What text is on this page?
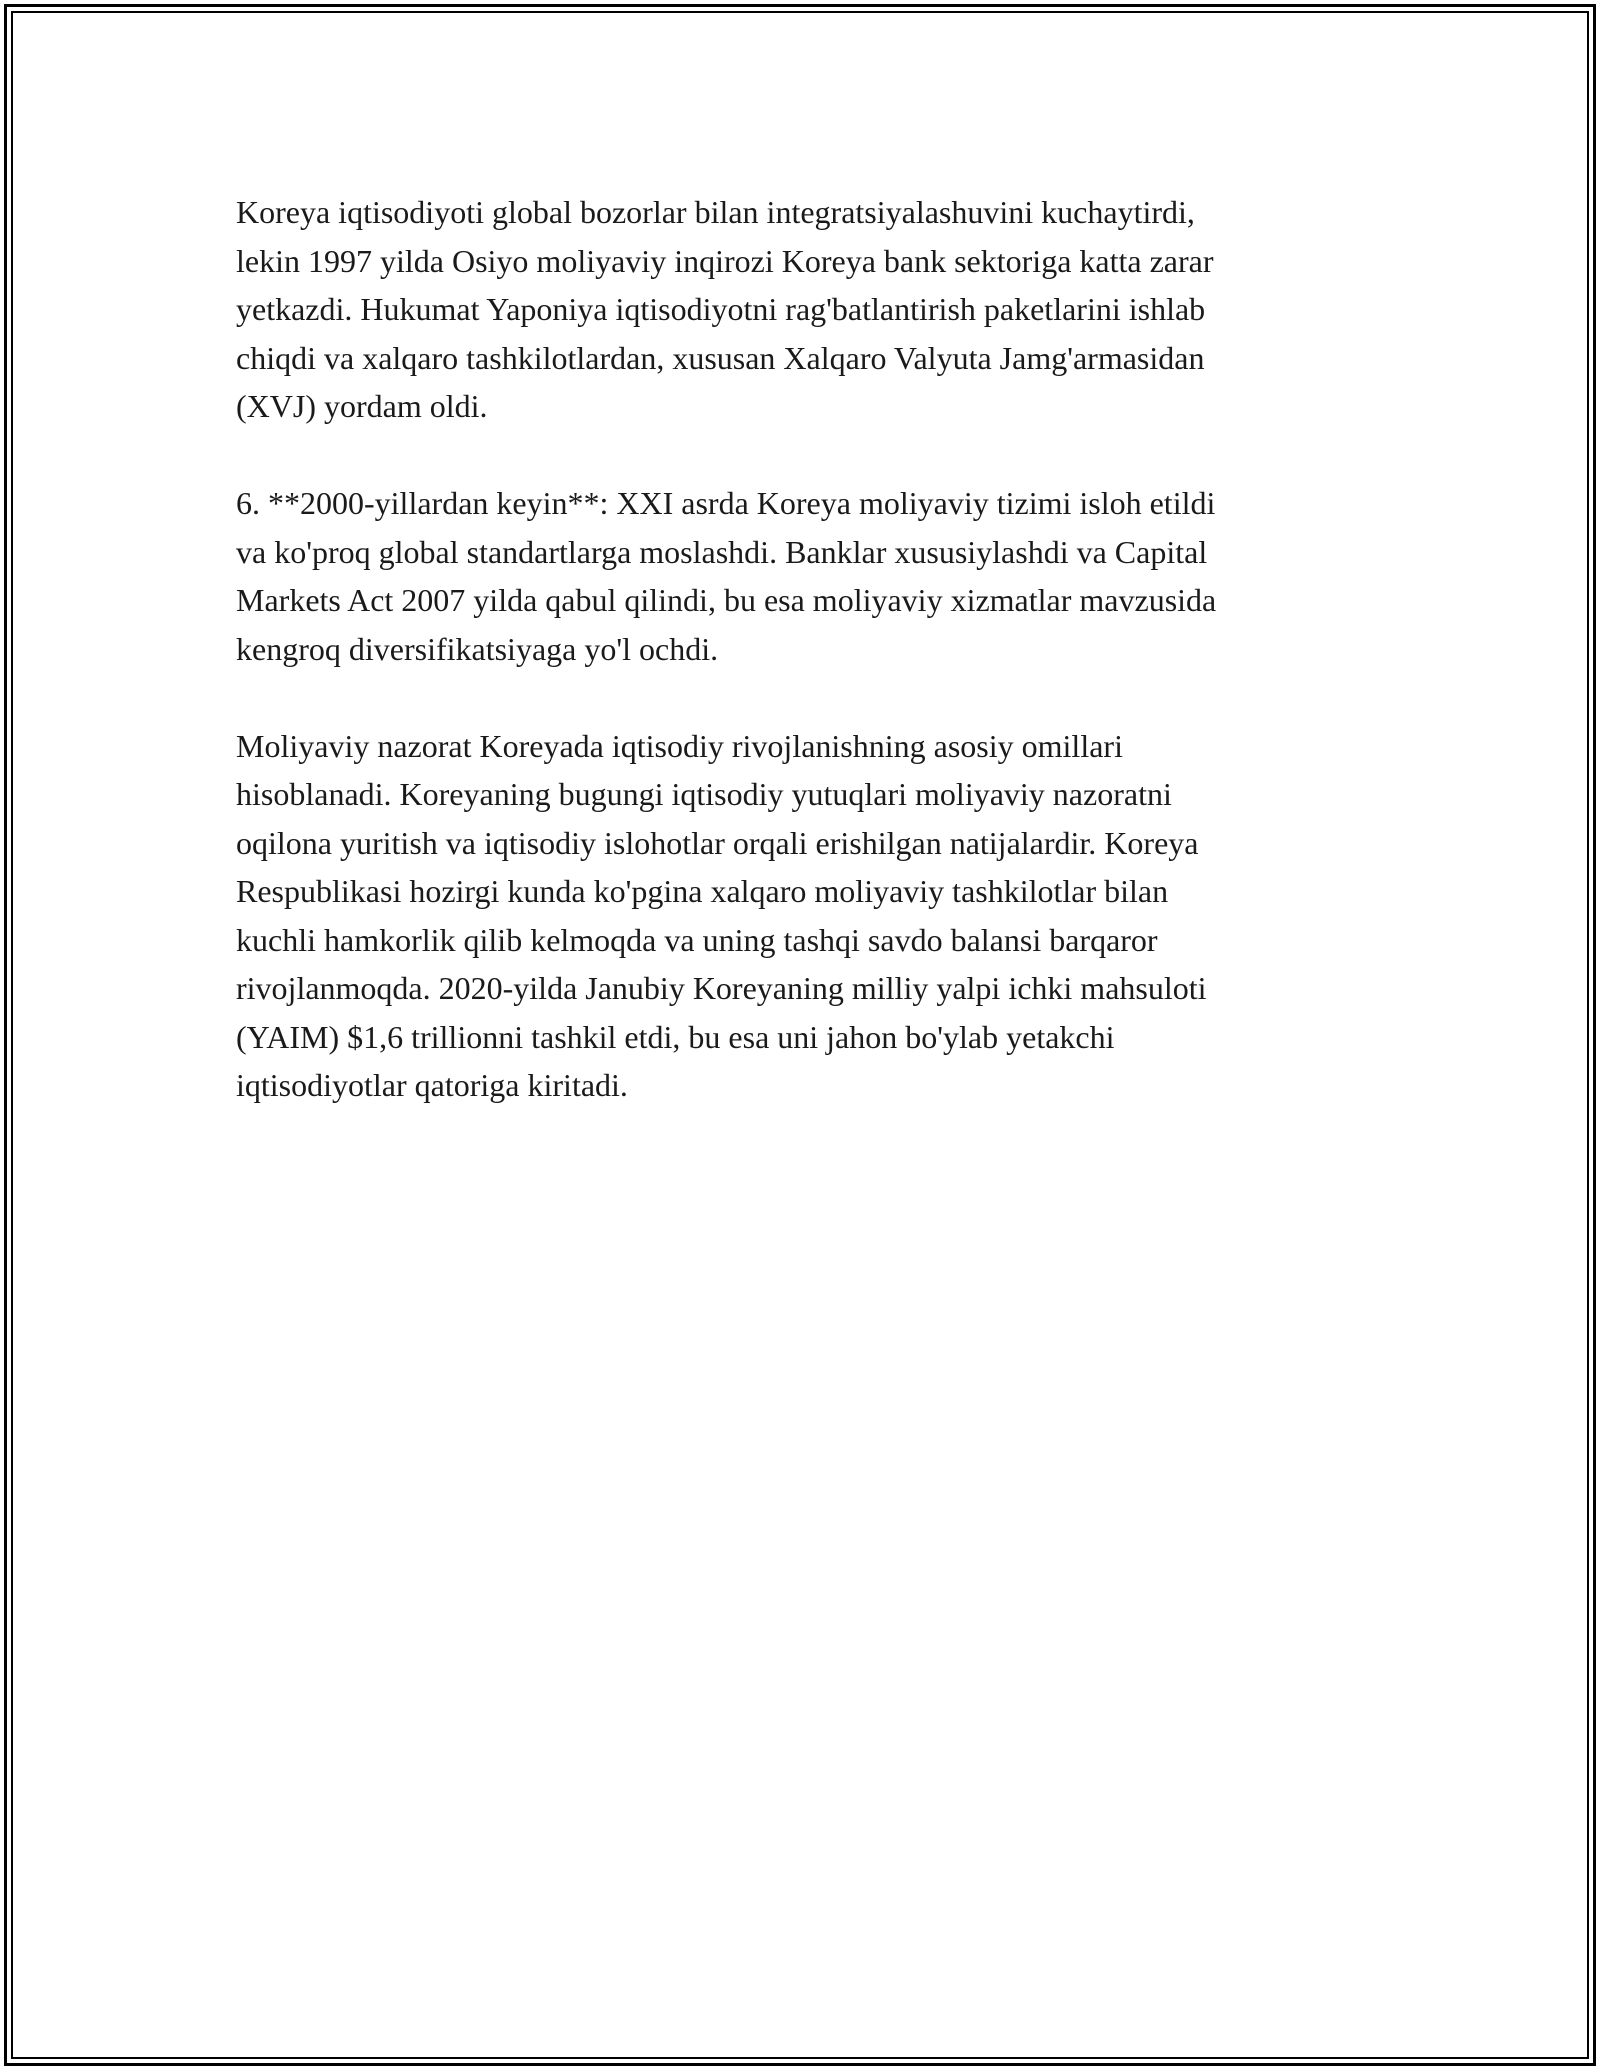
Koreya iqtisodiyoti global bozorlar bilan integratsiyalashuvini kuchaytirdi,
lekin 1997 yilda Osiyo moliyaviy inqirozi Koreya bank sektoriga katta zarar
yetkazdi. Hukumat Yaponiya iqtisodiyotni rag'batlantirish paketlarini ishlab
chiqdi va xalqaro tashkilotlardan, xususan Xalqaro Valyuta Jamg'armasidan
(XVJ) yordam oldi.

6. **2000-yillardan keyin**: XXI asrda Koreya moliyaviy tizimi isloh etildi
va ko'proq global standartlarga moslashdi. Banklar xususiylashdi va Capital
Markets Act 2007 yilda qabul qilindi, bu esa moliyaviy xizmatlar mavzusida
kengroq diversifikatsiyaga yo'l ochdi.

Moliyaviy nazorat Koreyada iqtisodiy rivojlanishning asosiy omillari
hisoblanadi. Koreyaning bugungi iqtisodiy yutuqlari moliyaviy nazoratni
oqilona yuritish va iqtisodiy islohotlar orqali erishilgan natijalardir. Koreya
Respublikasi hozirgi kunda ko'pgina xalqaro moliyaviy tashkilotlar bilan
kuchli hamkorlik qilib kelmoqda va uning tashqi savdo balansi barqaror
rivojlanmoqda. 2020-yilda Janubiy Koreyaning milliy yalpi ichki mahsuloti
(YAIM) $1,6 trillionni tashkil etdi, bu esa uni jahon bo'ylab yetakchi
iqtisodiyotlar qatoriga kiritadi.
